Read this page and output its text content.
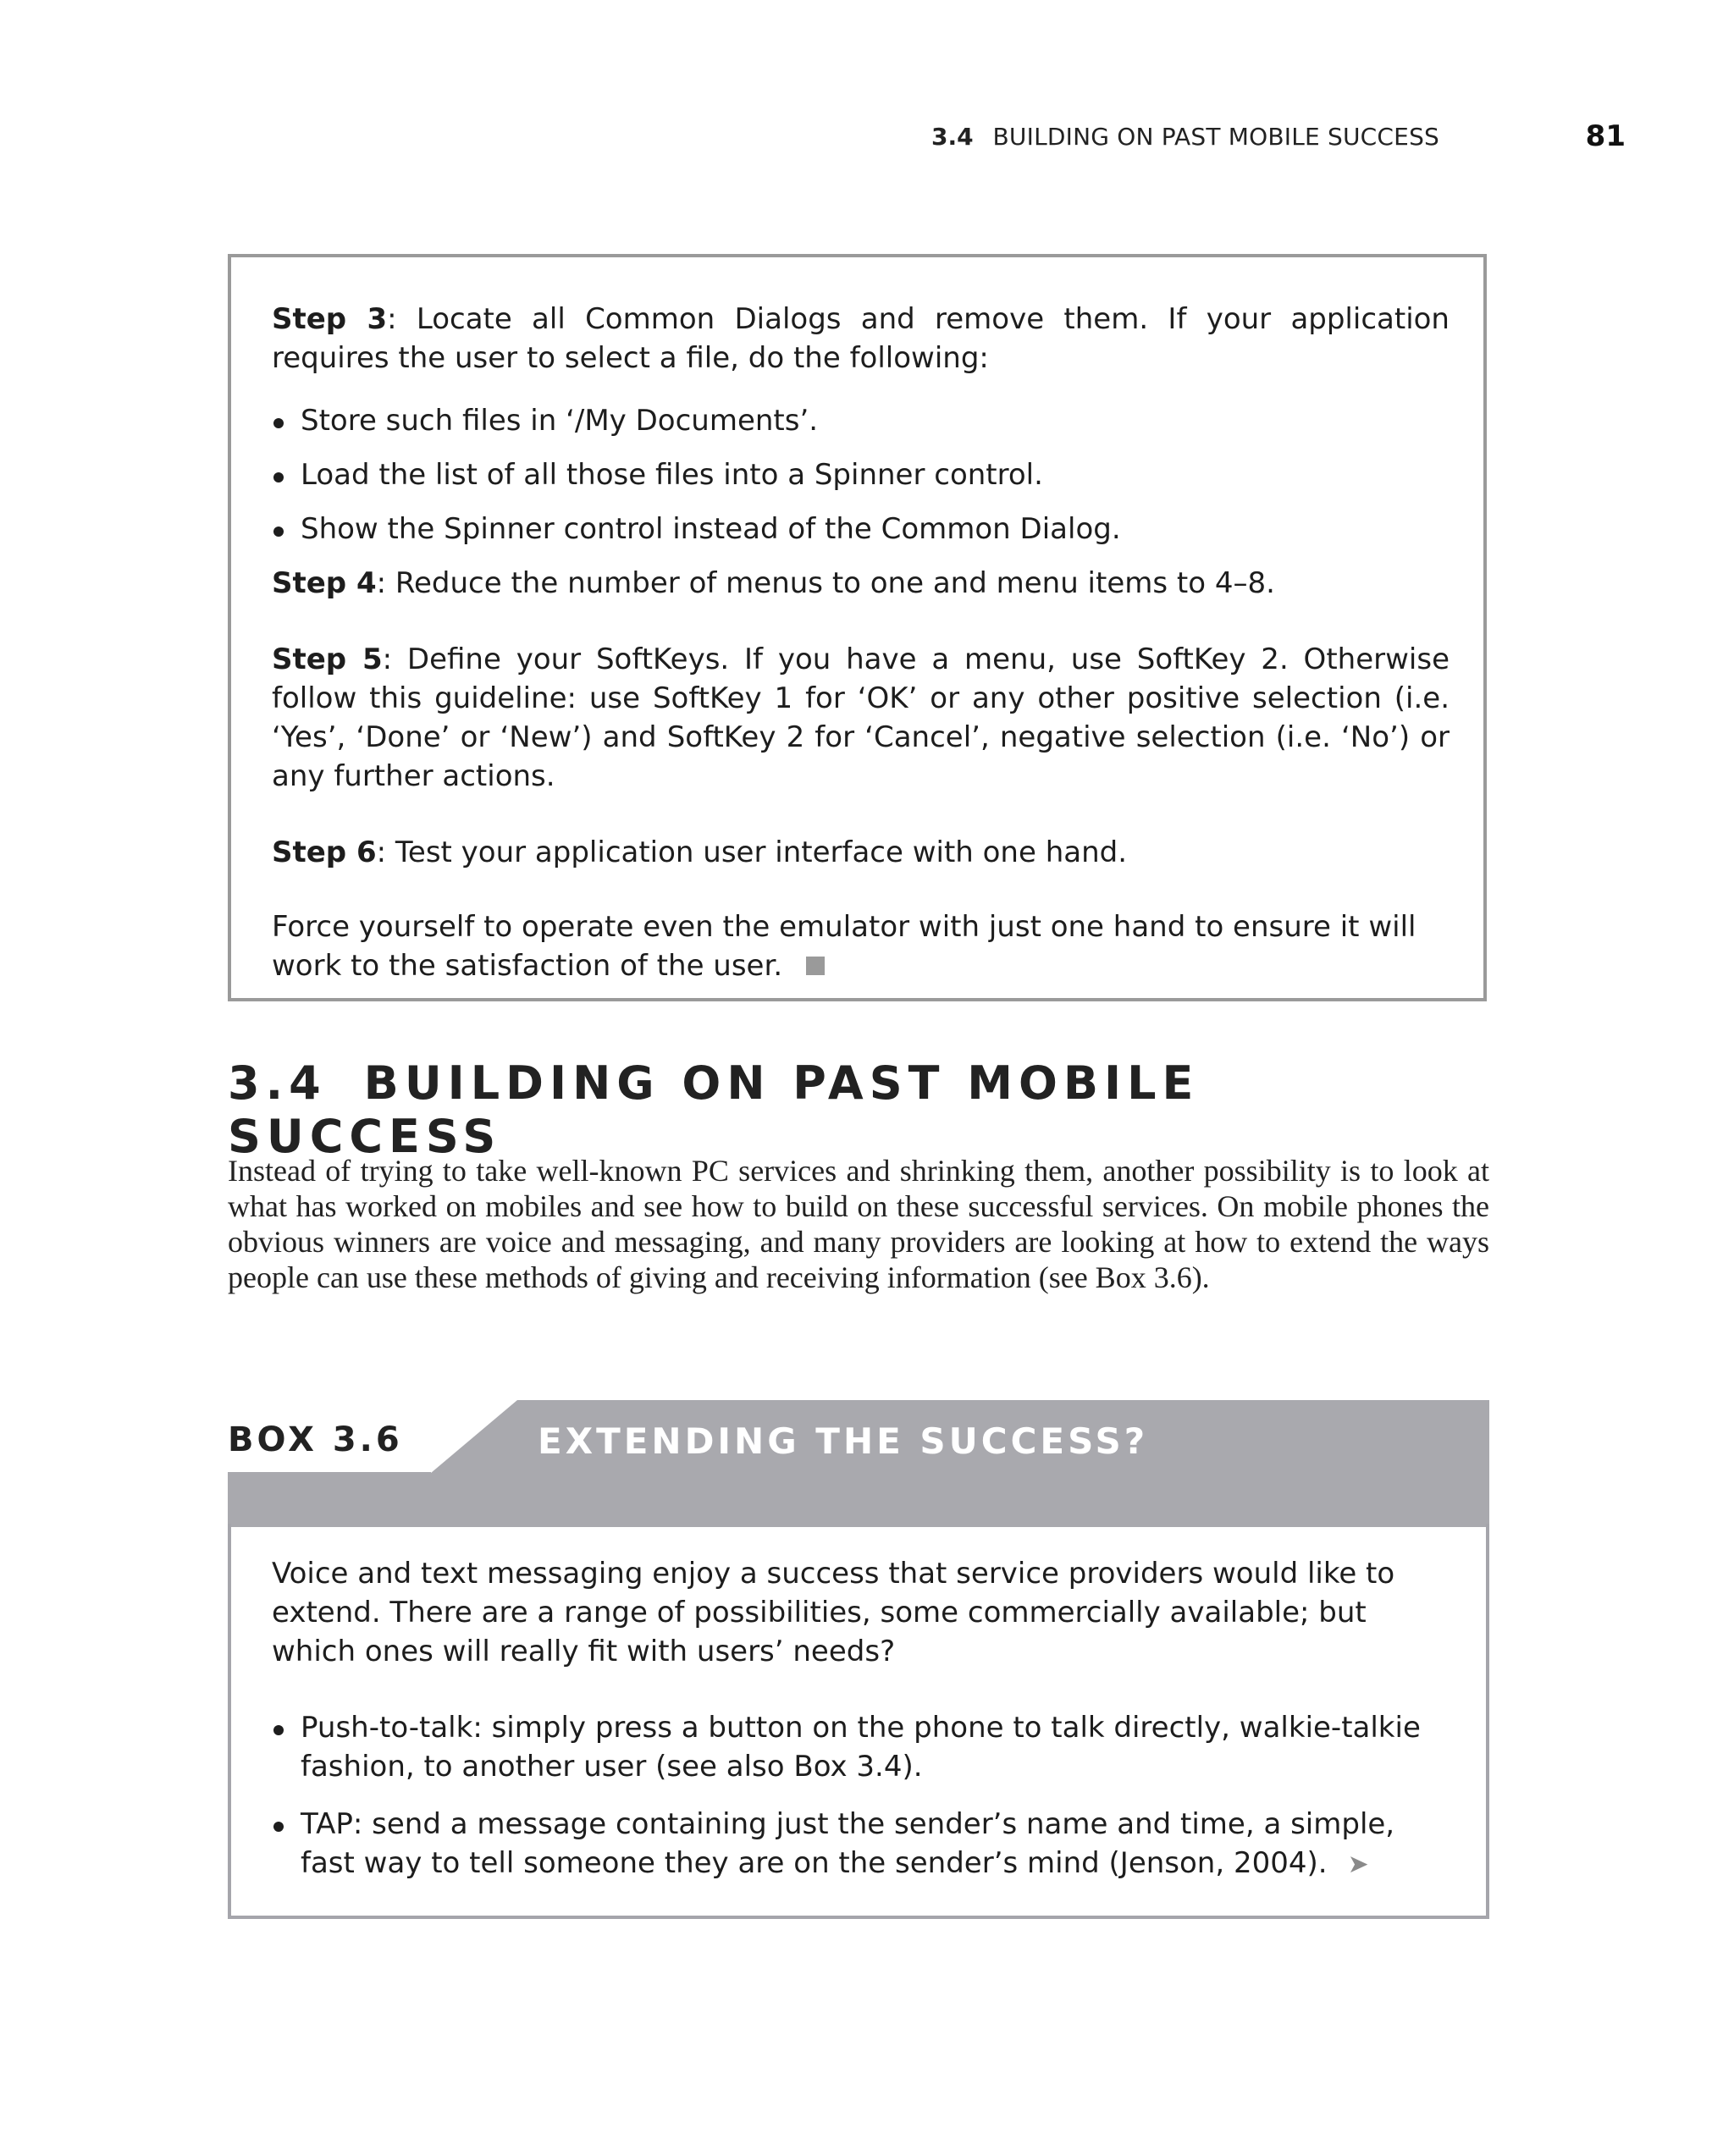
3.4 BUILDING ON PAST MOBILE SUCCESS	81

Step 3: Locate all Common Dialogs and remove them. If your application requires the user to select a file, do the following:

Store such files in ‘/My Documents’.
Load the list of all those files into a Spinner control.
Show the Spinner control instead of the Common Dialog.

Step 4: Reduce the number of menus to one and menu items to 4–8.

Step 5: Define your SoftKeys. If you have a menu, use SoftKey 2. Otherwise follow this guideline: use SoftKey 1 for ‘OK’ or any other positive selection (i.e. ‘Yes’, ‘Done’ or ‘New’) and SoftKey 2 for ‘Cancel’, negative selection (i.e. ‘No’) or any further actions.

Step 6: Test your application user interface with one hand.

Force yourself to operate even the emulator with just one hand to ensure it will work to the satisfaction of the user.

3.4 BUILDING ON PAST MOBILE SUCCESS

Instead of trying to take well-known PC services and shrinking them, another possibility is to look at what has worked on mobiles and see how to build on these successful services. On mobile phones the obvious winners are voice and messaging, and many providers are looking at how to extend the ways people can use these methods of giving and receiving information (see Box 3.6).

BOX 3.6	EXTENDING THE SUCCESS?

Voice and text messaging enjoy a success that service providers would like to extend. There are a range of possibilities, some commercially available; but which ones will really fit with users’ needs?

Push-to-talk: simply press a button on the phone to talk directly, walkie-talkie fashion, to another user (see also Box 3.4).
TAP: send a message containing just the sender’s name and time, a simple, fast way to tell someone they are on the sender’s mind (Jenson, 2004). ➤
